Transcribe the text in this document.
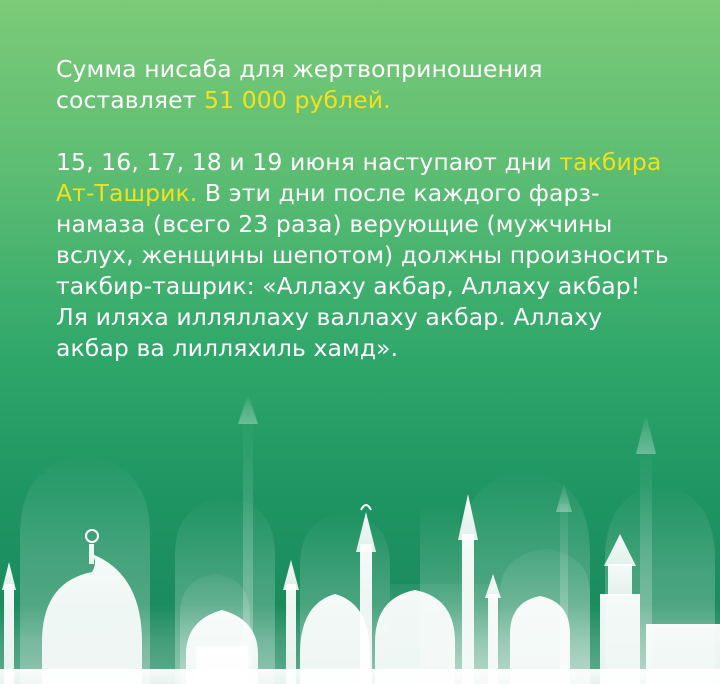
Сумма нисаба для жертвоприношения составляет 51 000 рублей.

15, 16, 17, 18 и 19 июня наступают дни такбира Ат-Ташрик. В эти дни после каждого фарз-намаза (всего 23 раза) верующие (мужчины вслух, женщины шепотом) должны произносить такбир-ташрик: «Аллаху акбар, Аллаху акбар! Ля иляха илляллаху валлаху акбар. Аллаху акбар ва лилляхиль хамд».
